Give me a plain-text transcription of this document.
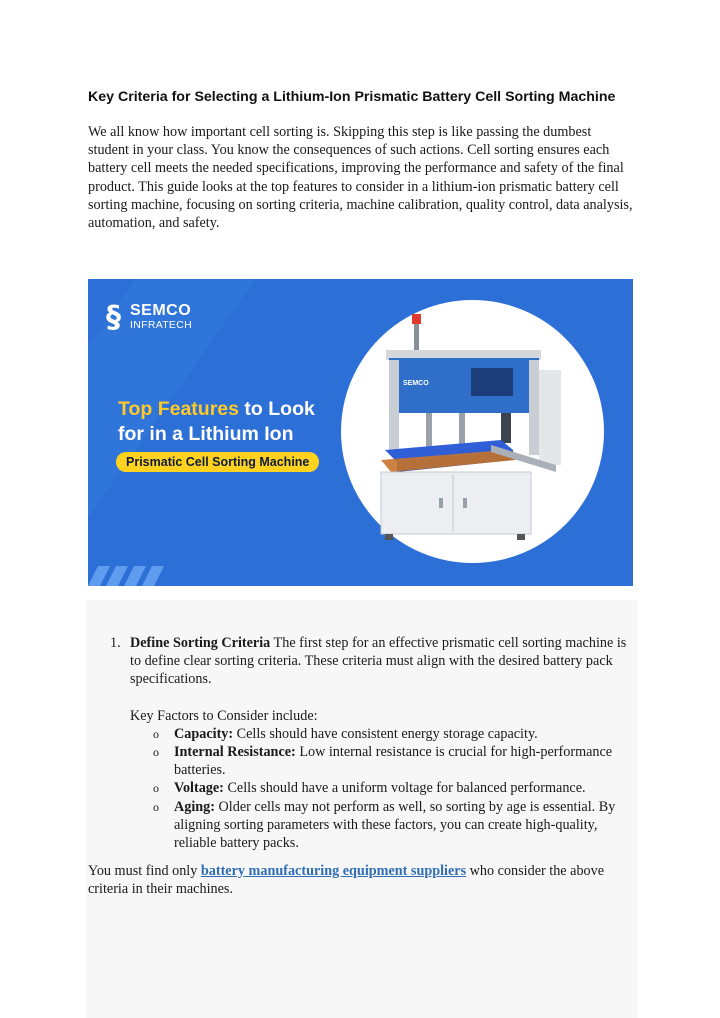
Key Criteria for Selecting a Lithium-Ion Prismatic Battery Cell Sorting Machine

We all know how important cell sorting is. Skipping this step is like passing the dumbest student in your class. You know the consequences of such actions. Cell sorting ensures each battery cell meets the needed specifications, improving the performance and safety of the final product. This guide looks at the top features to consider in a lithium-ion prismatic battery cell sorting machine, focusing on sorting criteria, machine calibration, quality control, data analysis, automation, and safety.

§ SEMCO
INFRATECH
Top Features to Look
for in a Lithium Ion
Prismatic Cell Sorting Machine
SEMCO
1. Define Sorting Criteria The first step for an effective prismatic cell sorting machine is to define clear sorting criteria. These criteria must align with the desired battery pack specifications.
Key Factors to Consider include:
o Capacity: Cells should have consistent energy storage capacity.
o Internal Resistance: Low internal resistance is crucial for high-performance batteries.
o Voltage: Cells should have a uniform voltage for balanced performance.
o Aging: Older cells may not perform as well, so sorting by age is essential. By aligning sorting parameters with these factors, you can create high-quality, reliable battery packs.

You must find only battery manufacturing equipment suppliers who consider the above criteria in their machines.
